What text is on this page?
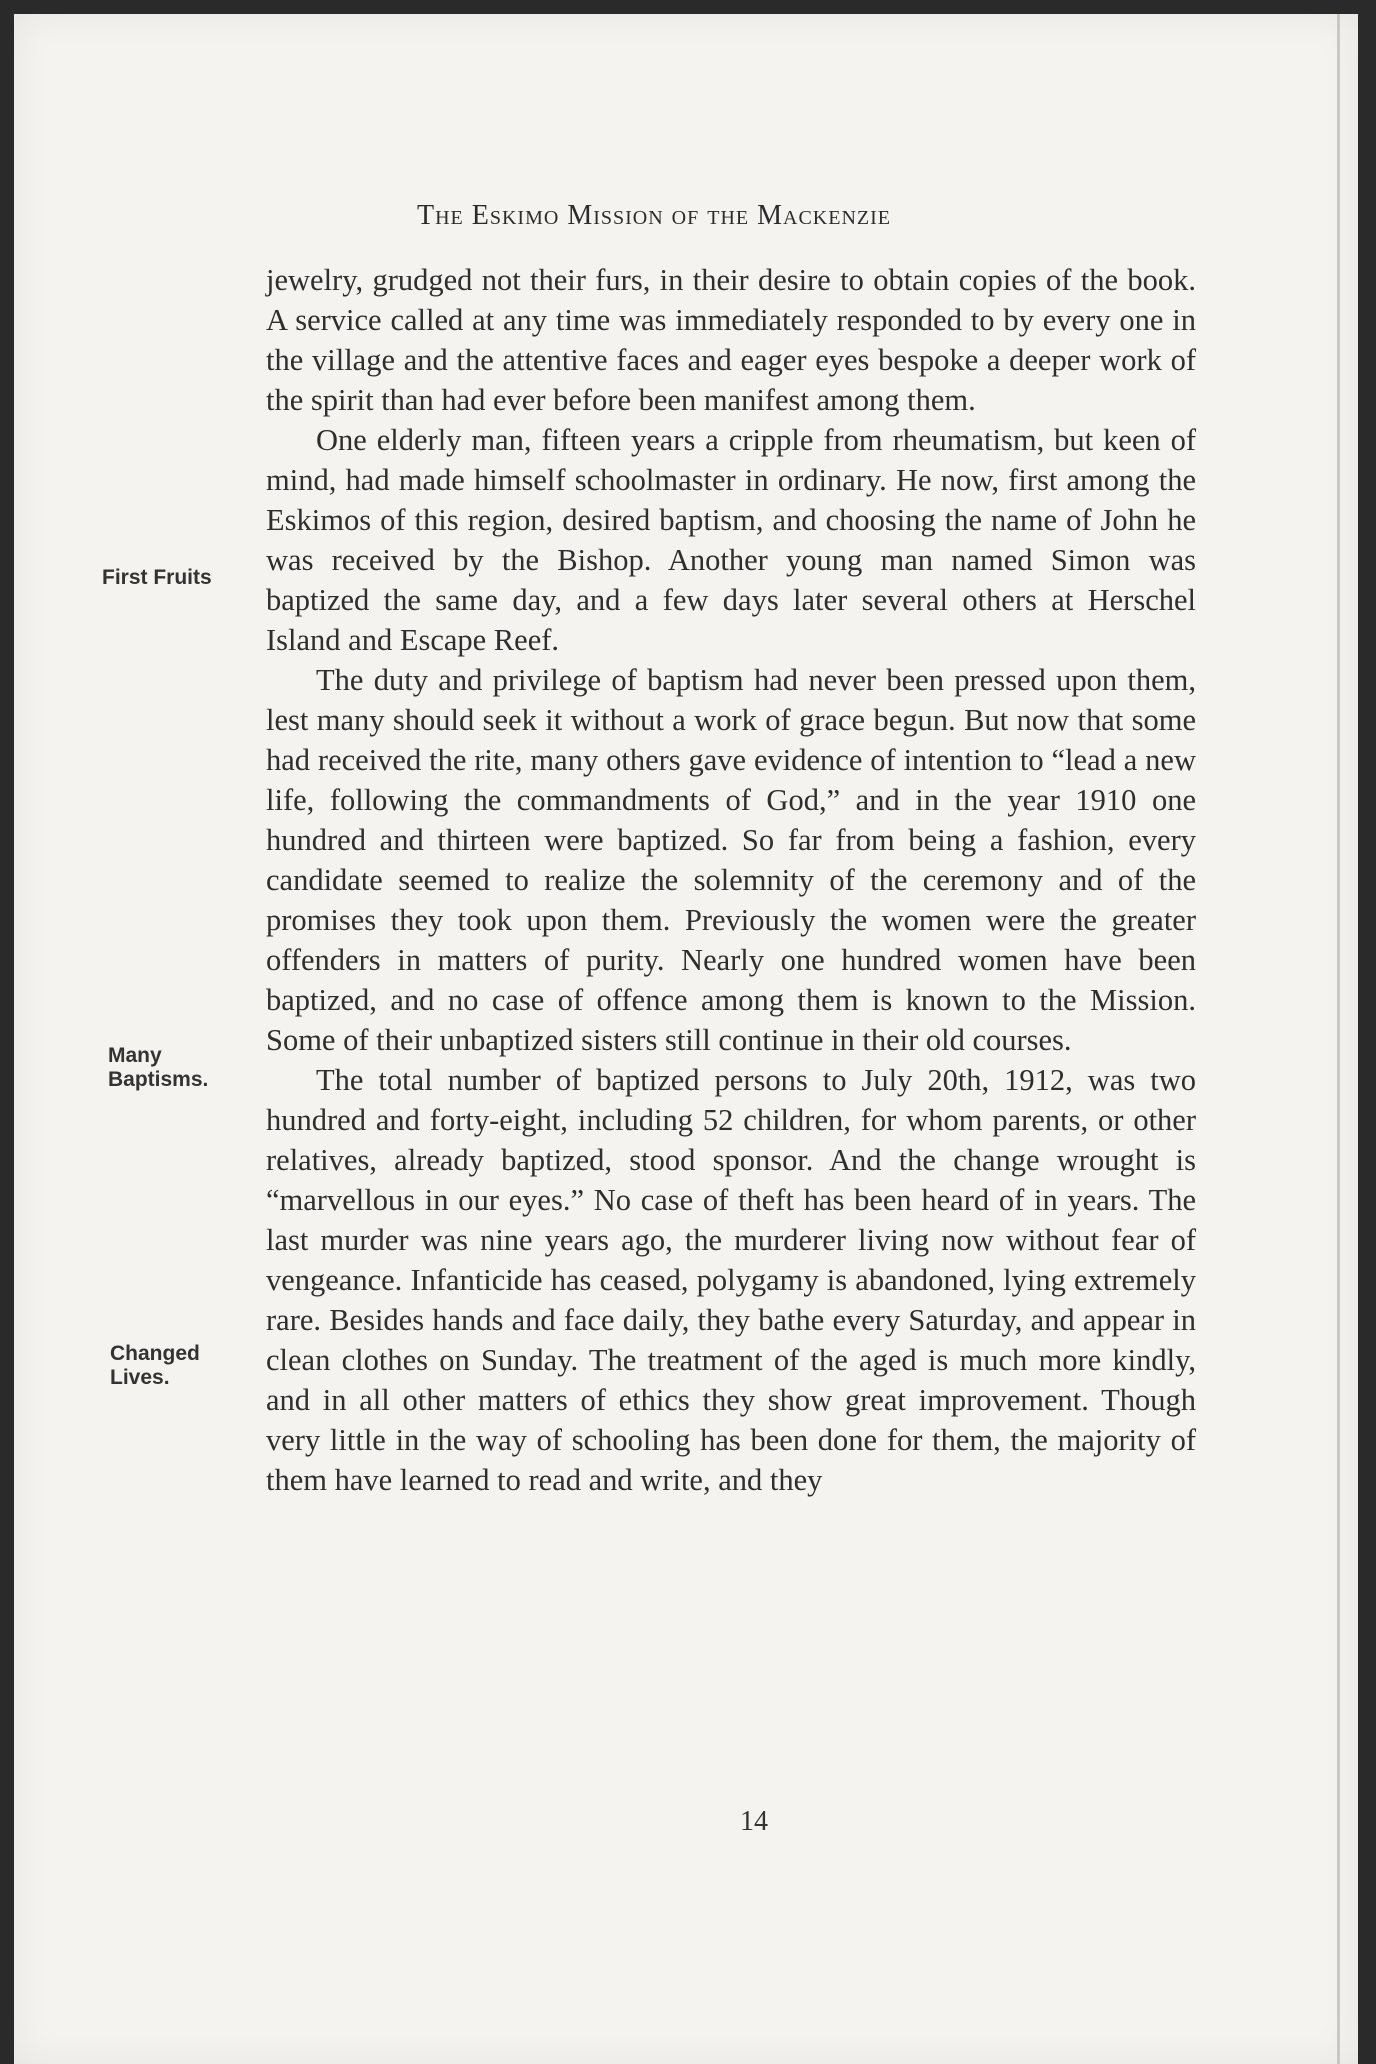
The Eskimo Mission of the Mackenzie

jewelry, grudged not their furs, in their desire to obtain copies of the book. A service called at any time was immediately responded to by every one in the village and the attentive faces and eager eyes bespoke a deeper work of the spirit than had ever before been manifest among them.

One elderly man, fifteen years a cripple from rheumatism, but keen of mind, had made himself schoolmaster in ordinary. He now, first among the Eskimos of this region, desired baptism, and choosing the name of John he was received by the Bishop. Another young man named Simon was baptized the same day, and a few days later several others at Herschel Island and Escape Reef.

The duty and privilege of baptism had never been pressed upon them, lest many should seek it without a work of grace begun. But now that some had received the rite, many others gave evidence of intention to “lead a new life, following the commandments of God,” and in the year 1910 one hundred and thirteen were baptized. So far from being a fashion, every candidate seemed to realize the solemnity of the ceremony and of the promises they took upon them. Previously the women were the greater offenders in matters of purity. Nearly one hundred women have been baptized, and no case of offence among them is known to the Mission. Some of their unbaptized sisters still continue in their old courses.

The total number of baptized persons to July 20th, 1912, was two hundred and forty-eight, including 52 children, for whom parents, or other relatives, already baptized, stood sponsor. And the change wrought is “marvellous in our eyes.” No case of theft has been heard of in years. The last murder was nine years ago, the murderer living now without fear of vengeance. Infanticide has ceased, polygamy is abandoned, lying extremely rare. Besides hands and face daily, they bathe every Saturday, and appear in clean clothes on Sunday. The treatment of the aged is much more kindly, and in all other matters of ethics they show great improvement. Though very little in the way of schooling has been done for them, the majority of them have learned to read and write, and they

First Fruits
Many
Baptisms.
Changed
Lives.
14
